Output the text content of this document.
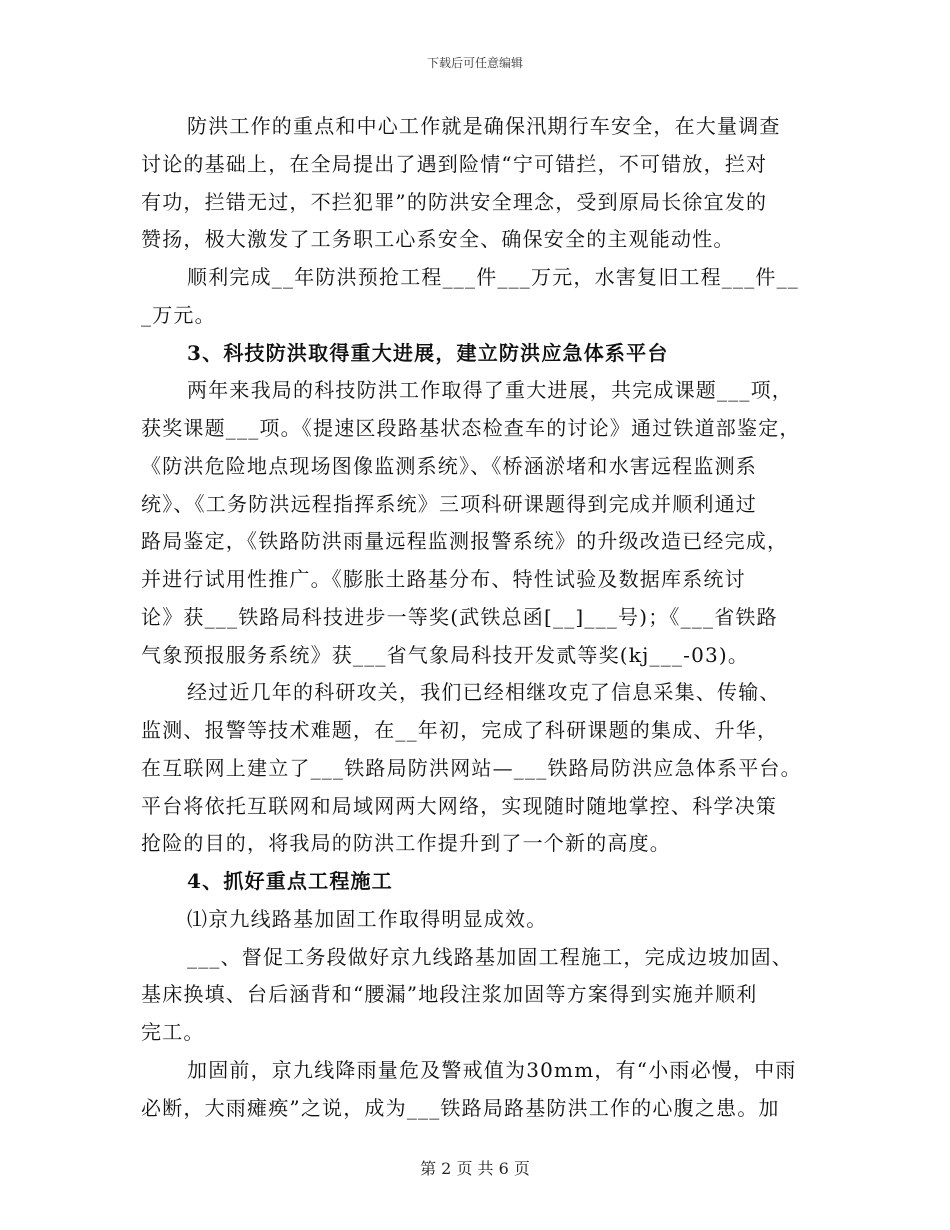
下载后可任意编辑
防洪工作的重点和中心工作就是确保汛期行车安全，在大量调查
讨论的基础上，在全局提出了遇到险情“宁可错拦，不可错放，拦对
有功，拦错无过，不拦犯罪”的防洪安全理念，受到原局长徐宜发的
赞扬，极大激发了工务职工心系安全、确保安全的主观能动性。
顺利完成__年防洪预抢工程___件___万元，水害复旧工程___件__
_万元。
3、科技防洪取得重大进展，建立防洪应急体系平台
两年来我局的科技防洪工作取得了重大进展，共完成课题___项，
获奖课题___项。《提速区段路基状态检查车的讨论》通过铁道部鉴定，
《防洪危险地点现场图像监测系统》、《桥涵淤堵和水害远程监测系
统》、《工务防洪远程指挥系统》三项科研课题得到完成并顺利通过
路局鉴定，《铁路防洪雨量远程监测报警系统》的升级改造已经完成，
并进行试用性推广。《膨胀土路基分布、特性试验及数据库系统讨
论》获___铁路局科技进步一等奖(武铁总函[__]___号)；《___省铁路
气象预报服务系统》获___省气象局科技开发贰等奖(kj___-03)。
经过近几年的科研攻关，我们已经相继攻克了信息采集、传输、
监测、报警等技术难题，在__年初，完成了科研课题的集成、升华，
在互联网上建立了___铁路局防洪网站—___铁路局防洪应急体系平台。
平台将依托互联网和局域网两大网络，实现随时随地掌控、科学决策
抢险的目的，将我局的防洪工作提升到了一个新的高度。
4、抓好重点工程施工
⑴京九线路基加固工作取得明显成效。
___、督促工务段做好京九线路基加固工程施工，完成边坡加固、
基床换填、台后涵背和“腰漏”地段注浆加固等方案得到实施并顺利
完工。
加固前，京九线降雨量危及警戒值为30mm，有“小雨必慢，中雨
必断，大雨瘫痪”之说，成为___铁路局路基防洪工作的心腹之患。加
第 2 页 共 6 页
